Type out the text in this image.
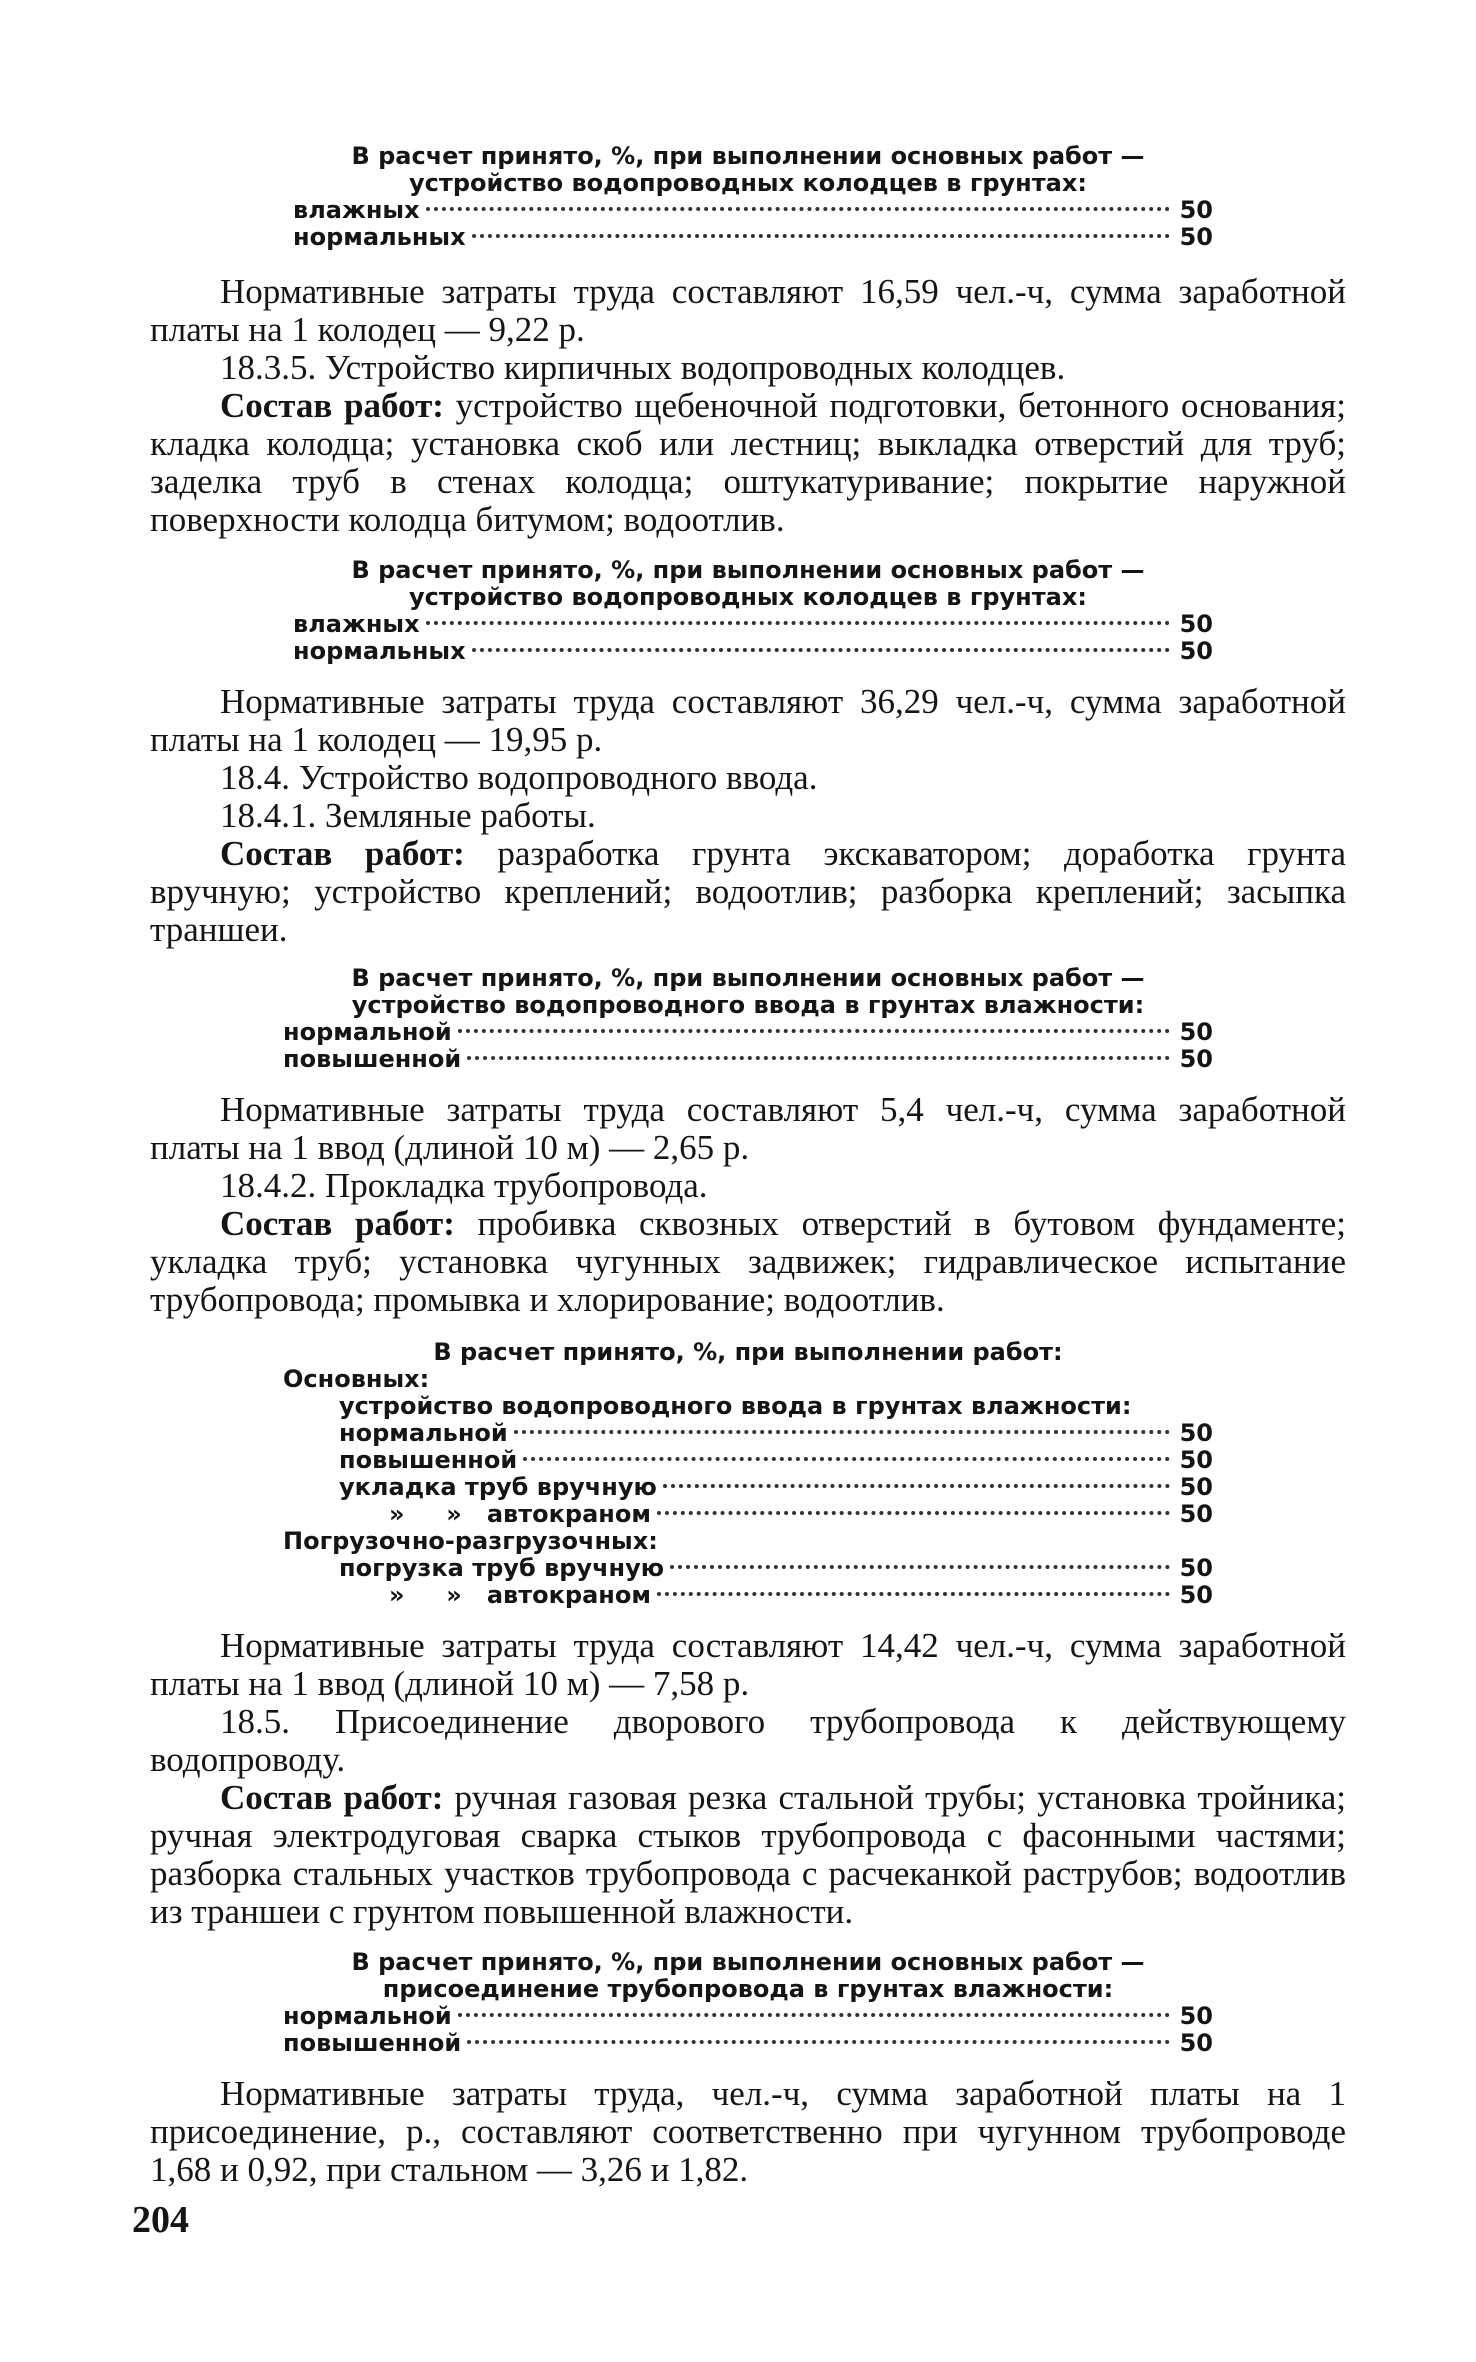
В расчет принято, %, при выполнении основных работ —
устройство водопроводных колодцев в грунтах:
влажных	50
нормальных	50

Нормативные затраты труда составляют 16,59 чел.-ч, сумма заработной платы на 1 колодец — 9,22 р.

18.3.5. Устройство кирпичных водопроводных колодцев.

Состав работ: устройство щебеночной подготовки, бетонного основания; кладка колодца; установка скоб или лестниц; выкладка отверстий для труб; заделка труб в стенах колодца; оштукатуривание; покрытие наружной поверхности колодца битумом; водоотлив.

В расчет принято, %, при выполнении основных работ —
устройство водопроводных колодцев в грунтах:
влажных	50
нормальных	50

Нормативные затраты труда составляют 36,29 чел.-ч, сумма заработной платы на 1 колодец — 19,95 р.

18.4. Устройство водопроводного ввода.

18.4.1. Земляные работы.

Состав работ: разработка грунта экскаватором; доработка грунта вручную; устройство креплений; водоотлив; разборка креплений; засыпка траншеи.

В расчет принято, %, при выполнении основных работ —
устройство водопроводного ввода в грунтах влажности:
нормальной	50
повышенной	50

Нормативные затраты труда составляют 5,4 чел.-ч, сумма заработной платы на 1 ввод (длиной 10 м) — 2,65 р.

18.4.2. Прокладка трубопровода.

Состав работ: пробивка сквозных отверстий в бутовом фундаменте; укладка труб; установка чугунных задвижек; гидравлическое испытание трубопровода; промывка и хлорирование; водоотлив.

В расчет принято, %, при выполнении работ:
Основных:
устройство водопроводного ввода в грунтах влажности:
нормальной	50
повышенной	50
укладка труб вручную	50
»     »   автокраном	50
Погрузочно-разгрузочных:
погрузка труб вручную	50
»     »   автокраном	50

Нормативные затраты труда составляют 14,42 чел.-ч, сумма заработной платы на 1 ввод (длиной 10 м) — 7,58 р.

18.5. Присоединение дворового трубопровода к действующему водопроводу.

Состав работ: ручная газовая резка стальной трубы; установка тройника; ручная электродуговая сварка стыков трубопровода с фасонными частями; разборка стальных участков трубопровода с расчеканкой раструбов; водоотлив из траншеи с грунтом повышенной влажности.

В расчет принято, %, при выполнении основных работ —
присоединение трубопровода в грунтах влажности:
нормальной	50
повышенной	50

Нормативные затраты труда, чел.-ч, сумма заработной платы на 1 присоединение, р., составляют соответственно при чугунном трубопроводе 1,68 и 0,92, при стальном — 3,26 и 1,82.

204
